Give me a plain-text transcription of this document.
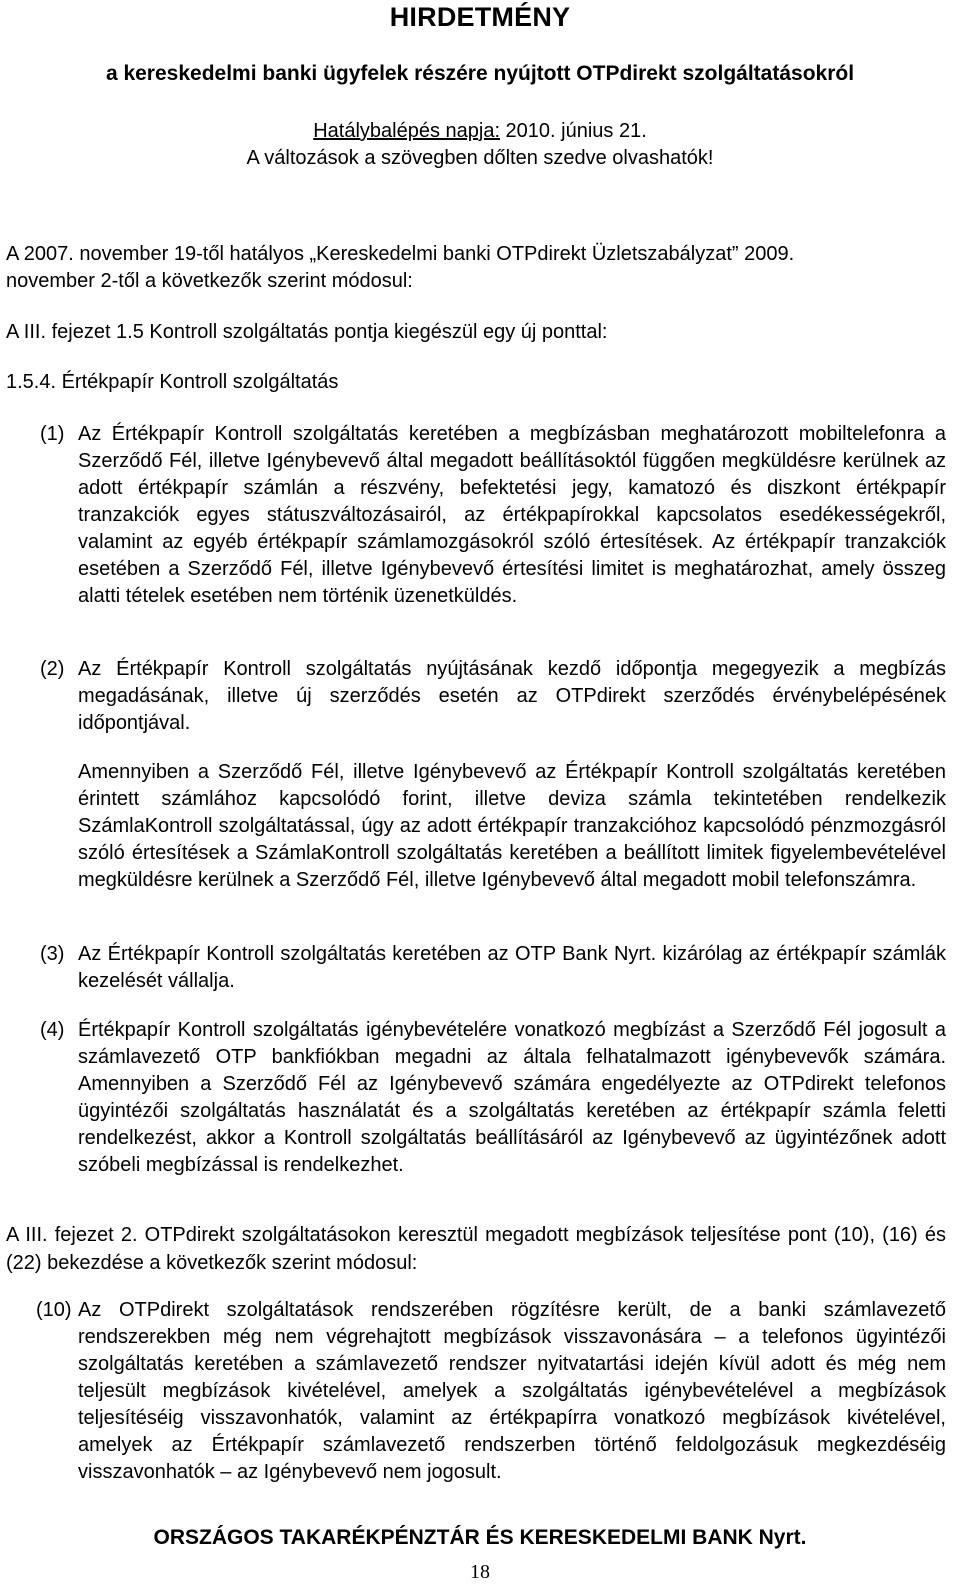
HIRDETMÉNY
a kereskedelmi banki ügyfelek részére nyújtott OTPdirekt szolgáltatásokról
Hatálybalépés napja: 2010. június 21.
A változások a szövegben dőlten szedve olvashatók!
A 2007. november 19-től hatályos „Kereskedelmi banki OTPdirekt Üzletszabályzat” 2009.
november 2-től a következők szerint módosul:
A III. fejezet 1.5 Kontroll szolgáltatás pontja kiegészül egy új ponttal:
1.5.4. Értékpapír Kontroll szolgáltatás
(1) Az Értékpapír Kontroll szolgáltatás keretében a megbízásban meghatározott mobiltelefonra a Szerződő Fél, illetve Igénybevevő által megadott beállításoktól függően megküldésre kerülnek az adott értékpapír számlán a részvény, befektetési jegy, kamatozó és diszkont értékpapír tranzakciók egyes státuszváltozásairól, az értékpapírokkal kapcsolatos esedékességekről, valamint az egyéb értékpapír számlamozgásokról szóló értesítések. Az értékpapír tranzakciók esetében a Szerződő Fél, illetve Igénybevevő értesítési limitet is meghatározhat, amely összeg alatti tételek esetében nem történik üzenetküldés.
(2) Az Értékpapír Kontroll szolgáltatás nyújtásának kezdő időpontja megegyezik a megbízás megadásának, illetve új szerződés esetén az OTPdirekt szerződés érvénybelépésének időpontjával.
Amennyiben a Szerződő Fél, illetve Igénybevevő az Értékpapír Kontroll szolgáltatás keretében érintett számlához kapcsolódó forint, illetve deviza számla tekintetében rendelkezik SzámlaKontroll szolgáltatással, úgy az adott értékpapír tranzakcióhoz kapcsolódó pénzmozgásról szóló értesítések a SzámlaKontroll szolgáltatás keretében a beállított limitek figyelembevételével megküldésre kerülnek a Szerződő Fél, illetve Igénybevevő által megadott mobil telefonszámra.
(3) Az Értékpapír Kontroll szolgáltatás keretében az OTP Bank Nyrt. kizárólag az értékpapír számlák kezelését vállalja.
(4) Értékpapír Kontroll szolgáltatás igénybevételére vonatkozó megbízást a Szerződő Fél jogosult a számlavezető OTP bankfiókban megadni az általa felhatalmazott igénybevevők számára. Amennyiben a Szerződő Fél az Igénybevevő számára engedélyezte az OTPdirekt telefonos ügyintézői szolgáltatás használatát és a szolgáltatás keretében az értékpapír számla feletti rendelkezést, akkor a Kontroll szolgáltatás beállításáról az Igénybevevő az ügyintézőnek adott szóbeli megbízással is rendelkezhet.
A III. fejezet 2. OTPdirekt szolgáltatásokon keresztül megadott megbízások teljesítése pont (10), (16) és (22) bekezdése a következők szerint módosul:
(10) Az OTPdirekt szolgáltatások rendszerében rögzítésre került, de a banki számlavezető rendszerekben még nem végrehajtott megbízások visszavonására – a telefonos ügyintézői szolgáltatás keretében a számlavezető rendszer nyitvatartási idején kívül adott és még nem teljesült megbízások kivételével, amelyek a szolgáltatás igénybevételével a megbízások teljesítéséig visszavonhatók, valamint az értékpapírra vonatkozó megbízások kivételével, amelyek az Értékpapír számlavezető rendszerben történő feldolgozásuk megkezdéséig visszavonhatók – az Igénybevevő nem jogosult.
ORSZÁGOS TAKARÉKPÉNZTÁR ÉS KERESKEDELMI BANK Nyrt.
18
